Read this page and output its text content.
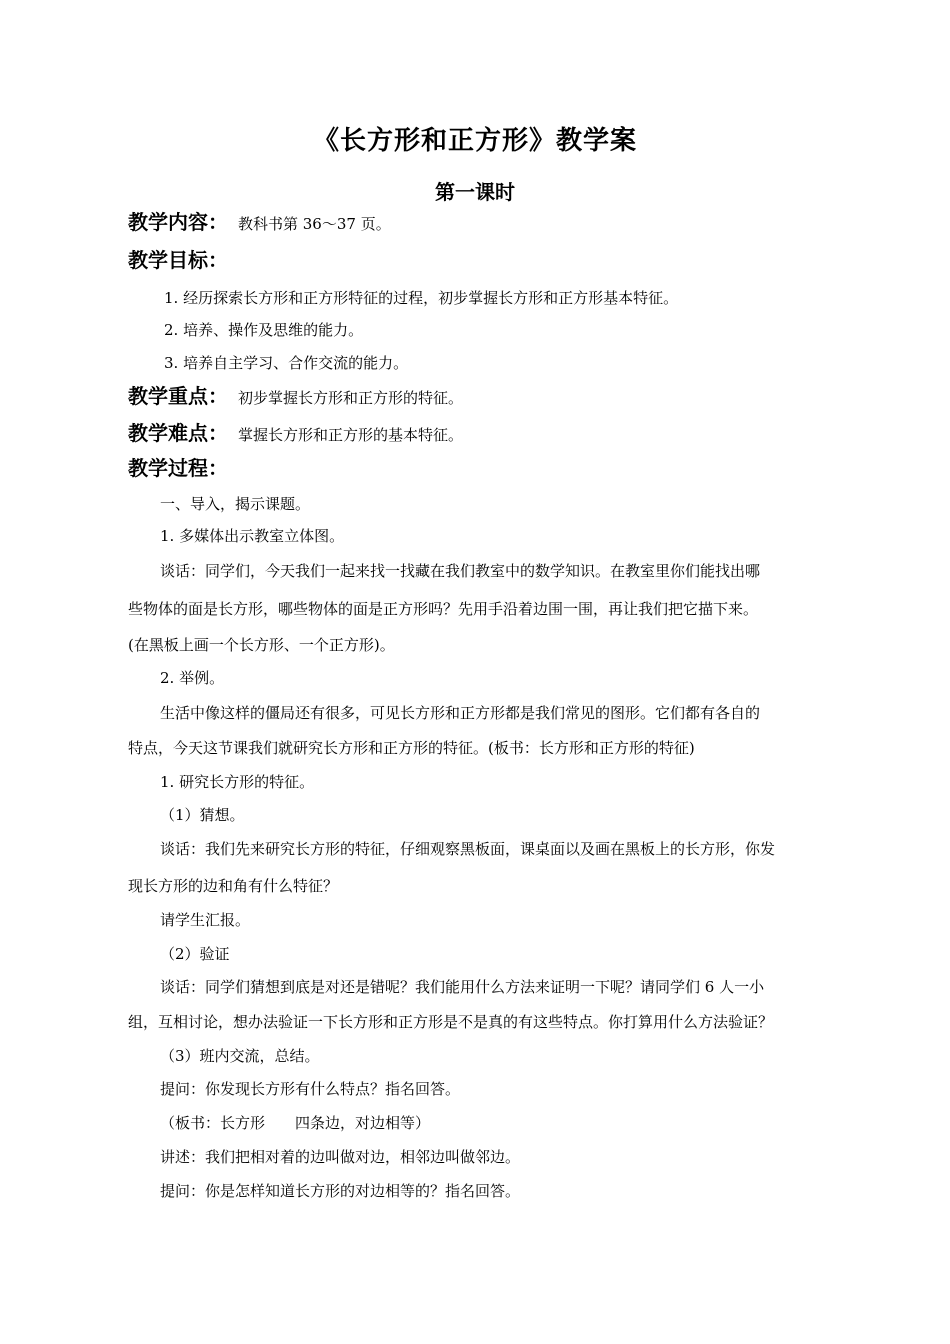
《长方形和正方形》教学案
第一课时
教学内容： 教科书第 36～37 页。
教学目标：
1. 经历探索长方形和正方形特征的过程，初步掌握长方形和正方形基本特征。
2. 培养、操作及思维的能力。
3. 培养自主学习、合作交流的能力。
教学重点： 初步掌握长方形和正方形的特征。
教学难点： 掌握长方形和正方形的基本特征。
教学过程：
一、导入，揭示课题。
1. 多媒体出示教室立体图。
谈话：同学们，今天我们一起来找一找藏在我们教室中的数学知识。在教室里你们能找出哪
些物体的面是长方形，哪些物体的面是正方形吗？先用手沿着边围一围，再让我们把它描下来。
(在黑板上画一个长方形、一个正方形)。
2. 举例。
生活中像这样的僵局还有很多，可见长方形和正方形都是我们常见的图形。它们都有各自的
特点，今天这节课我们就研究长方形和正方形的特征。(板书：长方形和正方形的特征)
1. 研究长方形的特征。
（1）猜想。
谈话：我们先来研究长方形的特征，仔细观察黑板面，课桌面以及画在黑板上的长方形，你发
现长方形的边和角有什么特征？
请学生汇报。
（2）验证
谈话：同学们猜想到底是对还是错呢？我们能用什么方法来证明一下呢？请同学们 6 人一小
组，互相讨论，想办法验证一下长方形和正方形是不是真的有这些特点。你打算用什么方法验证？
（3）班内交流，总结。
提问：你发现长方形有什么特点？指名回答。
（板书：长方形　　四条边，对边相等）
讲述：我们把相对着的边叫做对边，相邻边叫做邻边。
提问：你是怎样知道长方形的对边相等的？指名回答。
